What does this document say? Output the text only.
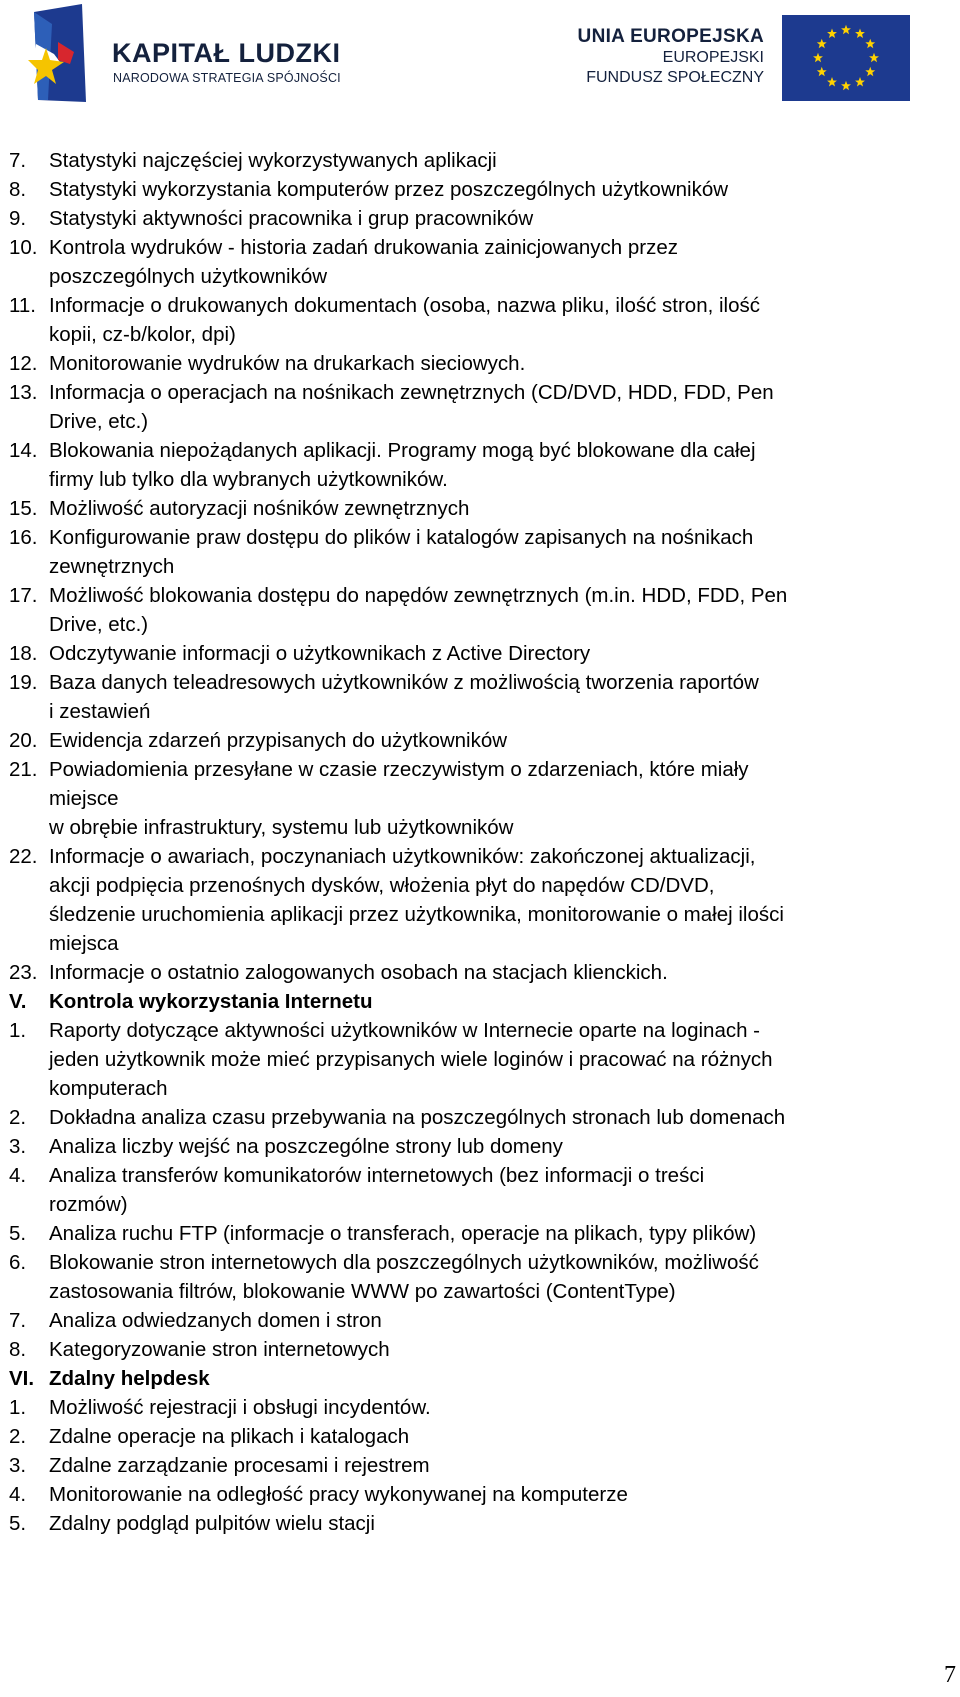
KAPITAŁ LUDZKI
NARODOWA STRATEGIA SPÓJNOŚCI
UNIA EUROPEJSKA
EUROPEJSKI
FUNDUSZ SPOŁECZNY
7. Statystyki najczęściej wykorzystywanych aplikacji
8. Statystyki wykorzystania komputerów przez poszczególnych użytkowników
9. Statystyki aktywności pracownika i grup pracowników
10. Kontrola wydruków - historia zadań drukowania zainicjowanych przez
poszczególnych użytkowników
11. Informacje o drukowanych dokumentach (osoba, nazwa pliku, ilość stron, ilość
kopii, cz-b/kolor, dpi)
12. Monitorowanie wydruków na drukarkach sieciowych.
13. Informacja o operacjach na nośnikach zewnętrznych (CD/DVD, HDD, FDD, Pen
Drive, etc.)
14. Blokowania niepożądanych aplikacji. Programy mogą być blokowane dla całej
firmy lub tylko dla wybranych użytkowników.
15. Możliwość autoryzacji nośników zewnętrznych
16. Konfigurowanie praw dostępu do plików i katalogów zapisanych na nośnikach
zewnętrznych
17. Możliwość blokowania dostępu do napędów zewnętrznych (m.in. HDD, FDD, Pen
Drive, etc.)
18. Odczytywanie informacji o użytkownikach z Active Directory
19. Baza danych teleadresowych użytkowników z możliwością tworzenia raportów
i zestawień
20. Ewidencja zdarzeń przypisanych do użytkowników
21. Powiadomienia przesyłane w czasie rzeczywistym o zdarzeniach, które miały
miejsce
w obrębie infrastruktury, systemu lub użytkowników
22. Informacje o awariach, poczynaniach użytkowników: zakończonej aktualizacji,
akcji podpięcia przenośnych dysków, włożenia płyt do napędów CD/DVD,
śledzenie uruchomienia aplikacji przez użytkownika, monitorowanie o małej ilości
miejsca
23. Informacje o ostatnio zalogowanych osobach na stacjach klienckich.
V. Kontrola wykorzystania Internetu
1. Raporty dotyczące aktywności użytkowników w Internecie oparte na loginach -
jeden użytkownik może mieć przypisanych wiele loginów i pracować na różnych
komputerach
2. Dokładna analiza czasu przebywania na poszczególnych stronach lub domenach
3. Analiza liczby wejść na poszczególne strony lub domeny
4. Analiza transferów komunikatorów internetowych (bez informacji o treści
rozmów)
5. Analiza ruchu FTP (informacje o transferach, operacje na plikach, typy plików)
6. Blokowanie stron internetowych dla poszczególnych użytkowników, możliwość
zastosowania filtrów, blokowanie WWW po zawartości (ContentType)
7. Analiza odwiedzanych domen i stron
8. Kategoryzowanie stron internetowych
VI. Zdalny helpdesk
1. Możliwość rejestracji i obsługi incydentów.
2. Zdalne operacje na plikach i katalogach
3. Zdalne zarządzanie procesami i rejestrem
4. Monitorowanie na odległość pracy wykonywanej na komputerze
5. Zdalny podgląd pulpitów wielu stacji
7
